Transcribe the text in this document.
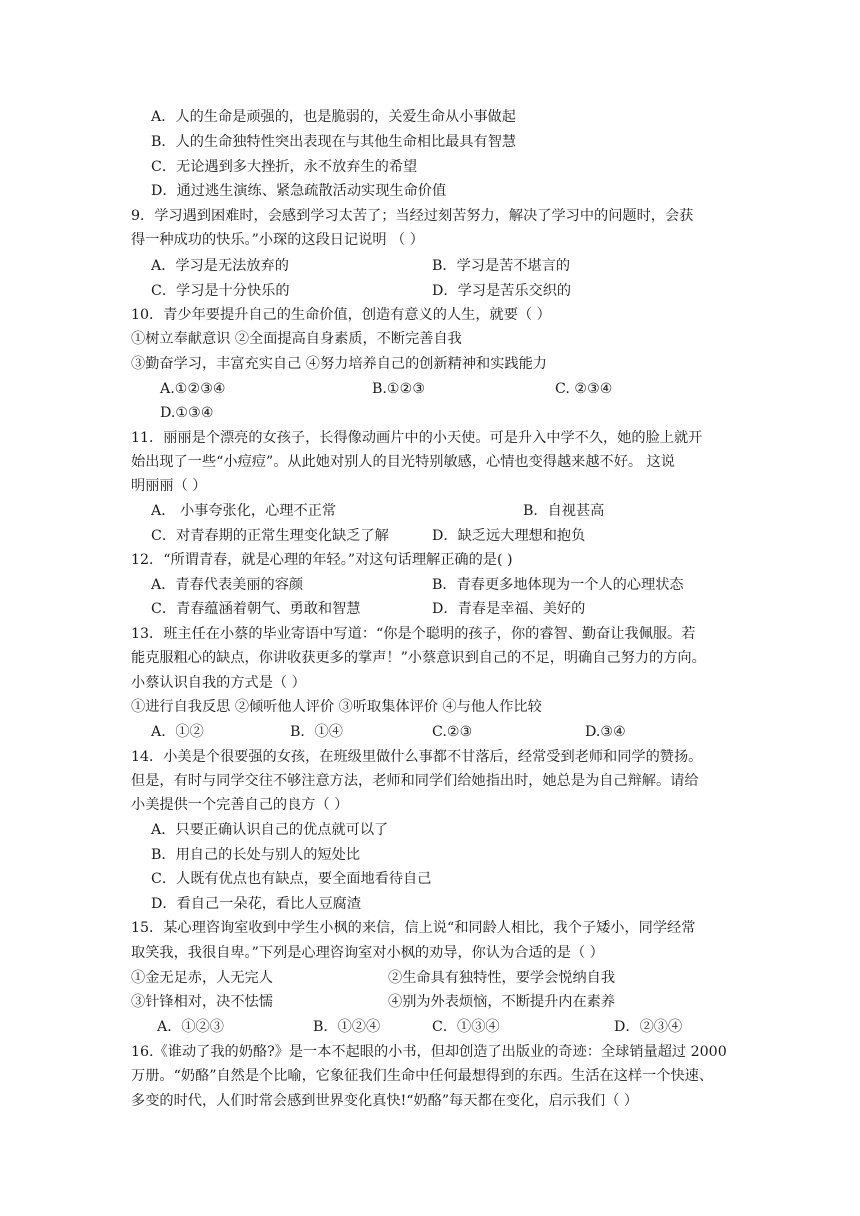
A．人的生命是顽强的，也是脆弱的，关爱生命从小事做起
B．人的生命独特性突出表现在与其他生命相比最具有智慧
C．无论遇到多大挫折，永不放弃生的希望
D．通过逃生演练、紧急疏散活动实现生命价值
9．学习遇到困难时，会感到学习太苦了；当经过刻苦努力，解决了学习中的问题时，会获
得一种成功的快乐。”小琛的这段日记说明 （ ）
A．学习是无法放弃的	B．学习是苦不堪言的
C．学习是十分快乐的	D．学习是苦乐交织的
10．青少年要提升自己的生命价值，创造有意义的人生，就要（ ）
①树立奉献意识 ②全面提高自身素质，不断完善自我
③勤奋学习，丰富充实自己 ④努力培养自己的创新精神和实践能力
A.①②③④	B.①②③	C. ②③④
D.①③④
11．丽丽是个漂亮的女孩子，长得像动画片中的小天使。可是升入中学不久，她的脸上就开
始出现了一些“小痘痘”。从此她对别人的目光特别敏感，心情也变得越来越不好。 这说
明丽丽（ ）
A． 小事夸张化，心理不正常	B．自视甚高
C．对青春期的正常生理变化缺乏了解	D．缺乏远大理想和抱负
12．“所谓青春，就是心理的年轻。”对这句话理解正确的是( )
A．青春代表美丽的容颜	B．青春更多地体现为一个人的心理状态
C．青春蕴涵着朝气、勇敢和智慧	D．青春是幸福、美好的
13．班主任在小蔡的毕业寄语中写道：“你是个聪明的孩子，你的睿智、勤奋让我佩服。若
能克服粗心的缺点，你讲收获更多的掌声！”小蔡意识到自己的不足，明确自己努力的方向。
小蔡认识自我的方式是（ ）
①进行自我反思 ②倾听他人评价 ③听取集体评价 ④与他人作比较
A．①②	B．①④	C.②③	D.③④
14．小美是个很要强的女孩，在班级里做什么事都不甘落后，经常受到老师和同学的赞扬。
但是，有时与同学交往不够注意方法，老师和同学们给她指出时，她总是为自己辩解。请给
小美提供一个完善自己的良方（ ）
A．只要正确认识自己的优点就可以了
B．用自己的长处与别人的短处比
C．人既有优点也有缺点，要全面地看待自己
D．看自己一朵花，看比人豆腐渣
15．某心理咨询室收到中学生小枫的来信，信上说“和同龄人相比，我个子矮小，同学经常
取笑我，我很自卑。”下列是心理咨询室对小枫的劝导，你认为合适的是（ ）
①金无足赤，人无完人	②生命具有独特性，要学会悦纳自我
③针锋相对，决不怯懦	④别为外表烦恼，不断提升内在素养
A．①②③	B．①②④	C．①③④	D．②③④
16.《谁动了我的奶酪?》是一本不起眼的小书，但却创造了出版业的奇迹：全球销量超过 2000
万册。“奶酪”自然是个比喻，它象征我们生命中任何最想得到的东西。生活在这样一个快速、
多变的时代，人们时常会感到世界变化真快!“奶酪”每天都在变化，启示我们（ ）
